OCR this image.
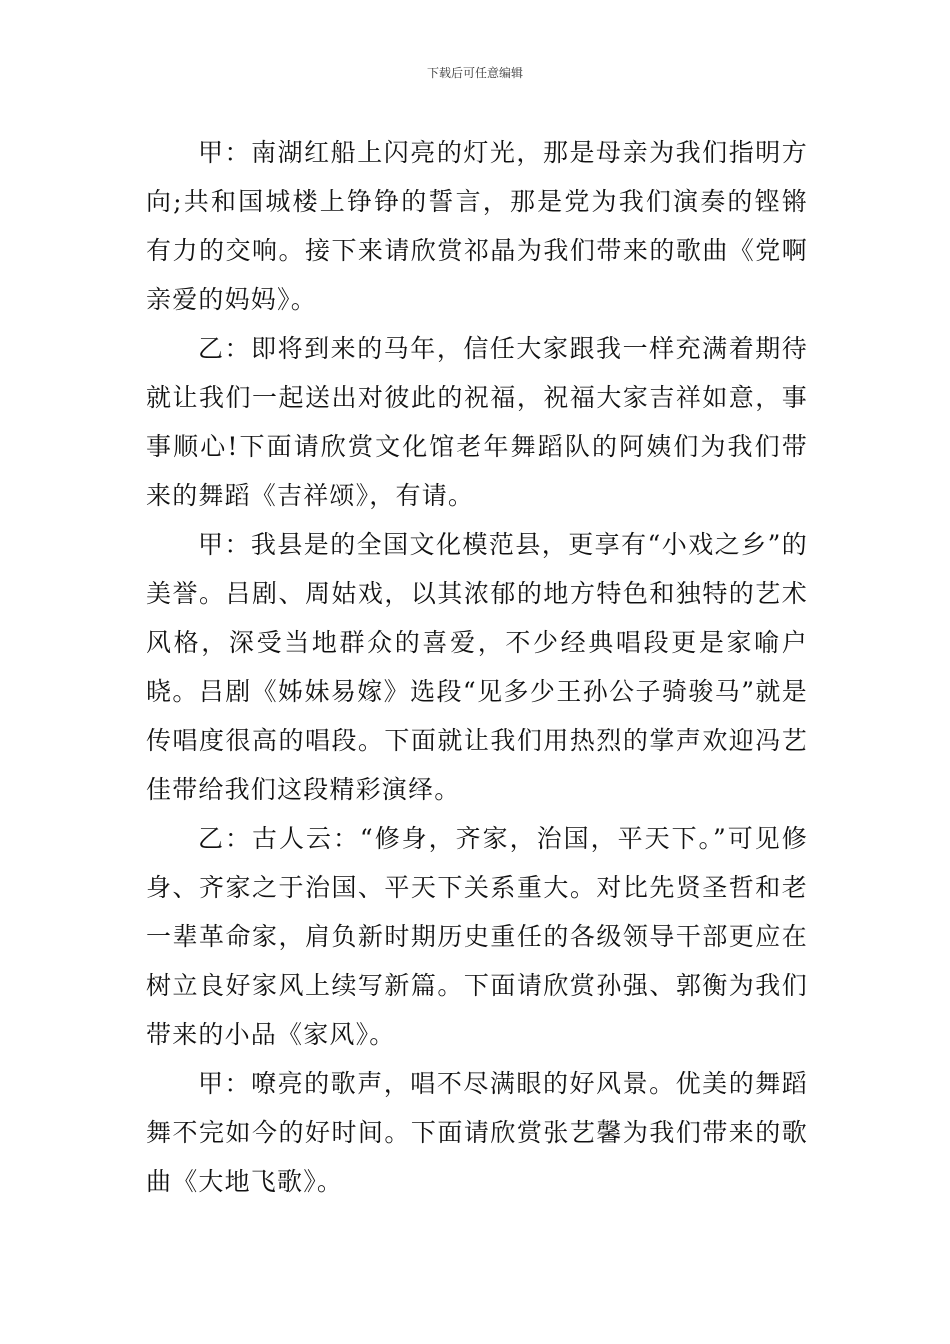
下载后可任意编辑

甲：南湖红船上闪亮的灯光，那是母亲为我们指明方向;共和国城楼上铮铮的誓言，那是党为我们演奏的铿锵有力的交响。接下来请欣赏祁晶为我们带来的歌曲《党啊亲爱的妈妈》。

乙：即将到来的马年，信任大家跟我一样充满着期待就让我们一起送出对彼此的祝福，祝福大家吉祥如意，事事顺心!下面请欣赏文化馆老年舞蹈队的阿姨们为我们带来的舞蹈《吉祥颂》，有请。

甲：我县是的全国文化模范县，更享有“小戏之乡”的美誉。吕剧、周姑戏，以其浓郁的地方特色和独特的艺术风格，深受当地群众的喜爱，不少经典唱段更是家喻户晓。吕剧《姊妹易嫁》选段“见多少王孙公子骑骏马”就是传唱度很高的唱段。下面就让我们用热烈的掌声欢迎冯艺佳带给我们这段精彩演绎。

乙：古人云：“修身，齐家，治国，平天下。”可见修身、齐家之于治国、平天下关系重大。对比先贤圣哲和老一辈革命家，肩负新时期历史重任的各级领导干部更应在树立良好家风上续写新篇。下面请欣赏孙强、郭衡为我们带来的小品《家风》。

甲：嘹亮的歌声，唱不尽满眼的好风景。优美的舞蹈舞不完如今的好时间。下面请欣赏张艺馨为我们带来的歌曲《大地飞歌》。
